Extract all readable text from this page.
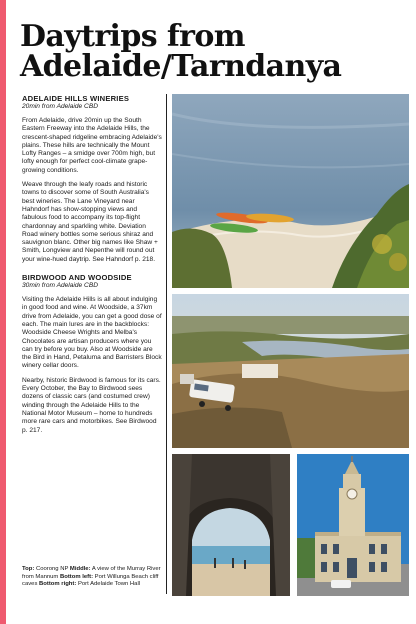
Daytrips from
Adelaide/Tarndanya
ADELAIDE HILLS WINERIES
20min from Adelaide CBD

From Adelaide, drive 20min up the South Eastern Freeway into the Adelaide Hills, the crescent-shaped ridgeline embracing Adelaide's plains. These hills are technically the Mount Lofty Ranges – a smidge over 700m high, but lofty enough for perfect cool-climate grape-growing conditions.

Weave through the leafy roads and historic towns to discover some of South Australia's best wineries. The Lane Vineyard near Hahndorf has show-stopping views and fabulous food to accompany its top-flight chardonnay and sparkling white. Deviation Road winery bottles some serious shiraz and sauvignon blanc. Other big names like Shaw + Smith, Longview and Nepenthe will round out your wine-hued daytrip. See Hahndorf p. 218.

BIRDWOOD AND WOODSIDE
30min from Adelaide CBD

Visiting the Adelaide Hills is all about indulging in good food and wine. At Woodside, a 37km drive from Adelaide, you can get a good dose of each. The main lures are in the backblocks: Woodside Cheese Wrights and Melba's Chocolates are artisan producers where you can try before you buy. Also at Woodside are the Bird in Hand, Petaluma and Barristers Block winery cellar doors.

Nearby, historic Birdwood is famous for its cars. Every October, the Bay to Birdwood sees dozens of classic cars (and costumed crew) winding through the Adelaide Hills to the National Motor Museum – home to hundreds more rare cars and motorbikes. See Birdwood p. 217.

Top: Coorong NP Middle: A view of the Murray River from Mannum Bottom left: Port Willunga Beach cliff caves Bottom right: Port Adelaide Town Hall
